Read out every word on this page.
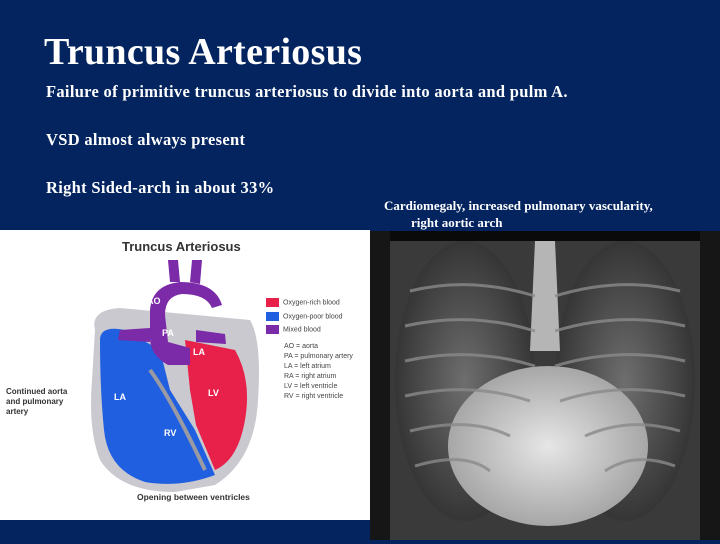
Truncus Arteriosus
Failure of primitive truncus arteriosus to divide into aorta and pulm A.
VSD almost always present
Right Sided-arch in about 33%
Cardiomegaly, increased pulmonary vascularity,
right aortic arch
Truncus Arteriosus
Oxygen-rich blood
Oxygen-poor blood
Mixed blood
AO = aorta
PA = pulmonary artery
LA = left atrium
RA = right atrium
LV = left ventricle
RV = right ventricle
AO
PA
LA
LV
LA
RV
Continued aorta and pulmonary artery
Opening between ventricles
